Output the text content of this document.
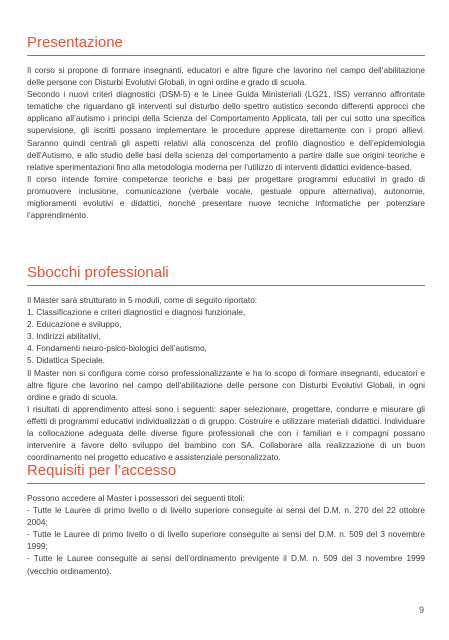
Presentazione

Il corso si propone di formare insegnanti, educatori e altre figure che lavorino nel campo dell’abilitazione delle persone con Disturbi Evolutivi Globali, in ogni ordine e grado di scuola.

Secondo i nuovi criteri diagnostici (DSM-5) e le Linee Guida Ministeriali (LG21, ISS) verranno affrontate tematiche che riguardano gli interventi sul disturbo dello spettro autistico secondo differenti approcci che applicano all’autismo i principi della Scienza del Comportamento Applicata, tali per cui sotto una specifica supervisione, gli iscritti possano implementare le procedure apprese direttamente con i propri allievi. Saranno quindi centrali gli aspetti relativi alla conoscenza del profilo diagnostico e dell’epidemiologia dell’Autismo, e allo studio delle basi della scienza del comportamento a partire dalle sue origini teoriche e relative sperimentazioni fino alla metodologia moderna per l’utilizzo di interventi didattici evidence-based.

Il corso intende fornire competenze teoriche e basi per progettare programmi educativi in grado di promuovere inclusione, comunicazione (verbale vocale, gestuale oppure alternativa), autonomie, miglioramenti evolutivi e didattici, nonché presentare nuove tecniche informatiche per potenziare l’apprendimento.

Sbocchi professionali

Il Master sarà strutturato in 5 moduli, come di seguito riportato:

1. Classificazione e criteri diagnostici e diagnosi funzionale,

2. Educazione e sviluppo,

3. Indirizzi abilitativi,

4. Fondamenti neuro-psico-biologici dell’autismo,

5. Didattica Speciale.

Il Master non si configura come corso professionalizzante e ha lo scopo di formare insegnanti, educatori e altre figure che lavorino nel campo dell’abilitazione delle persone con Disturbi Evolutivi Globali, in ogni ordine e grado di scuola.

I risultati di apprendimento attesi sono i seguenti: saper selezionare, progettare, condurre e misurare gli effetti di programmi educativi individualizzati o di gruppo. Costruire e utilizzare materiali didattici. Individuare la collocazione adeguata delle diverse figure professionali che con i familiari e i compagni possano intervenire a favore dello sviluppo del bambino con SA. Collaborare alla realizzazione di un buon coordinamento nel progetto educativo e assistenziale personalizzato.

Requisiti per l’accesso

Possono accedere al Master i possessori dei seguenti titoli:

- Tutte le Lauree di primo livello o di livello superiore conseguite ai sensi del D.M. n. 270 del 22 ottobre 2004;

- Tutte le Lauree di primo livello o di livello superiore conseguite ai sensi del D.M. n. 509 del 3 novembre 1999;

- Tutte le Lauree conseguite ai sensi dell’ordinamento previgente il D.M. n. 509 del 3 novembre 1999 (vecchio ordinamento).

9
